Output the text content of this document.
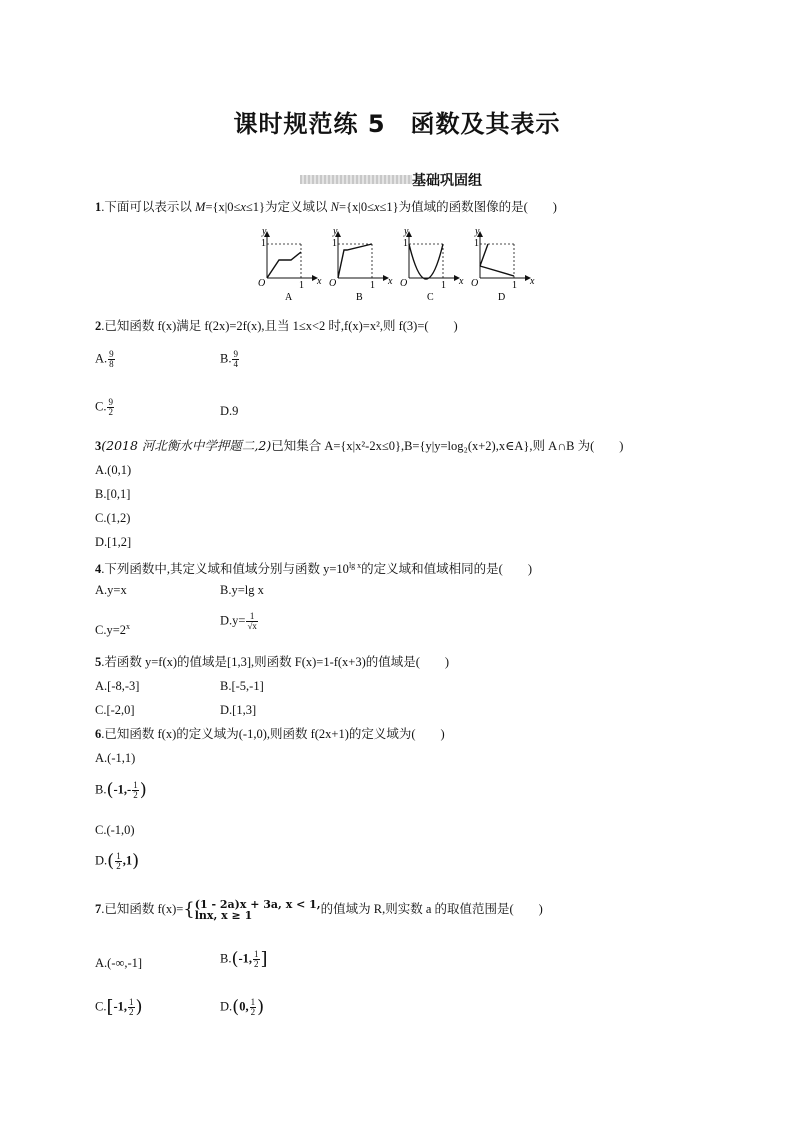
课时规范练 5　函数及其表示
基础巩固组
1.下面可以表示以 M={x|0≤x≤1}为定义域以 N={x|0≤x≤1}为值域的函数图像的是(　　)
1
1
O
y
x
A
1
1
O
y
x
B
1
1
O
y
x
C
1
1
O
y
x
D
2.已知函数 f(x)满足 f(2x)=2f(x),且当 1≤x<2 时,f(x)=x²,则 f(3)=(　　)
A. $\frac{9}{8}$	B. $\frac{9}{4}$
C. $\frac{9}{2}$	D.9
3(2018 河北衡水中学押题二,2)已知集合 A={x|x²-2x≤0},B={y|y=log₂(x+2),x∈A},则 A∩B 为(　　)
A.(0,1)
B.[0,1]
C.(1,2)
D.[1,2]
4.下列函数中,其定义域和值域分别与函数 $y=10^{lg x}$的定义域和值域相同的是(　　)
A.y=x	B.y=lg x
$C.y=2^x$	$D.y= \frac{1}{√x}$
5.若函数 y=f(x)的值域是[1,3],则函数 F(x)=1-f(x+3)的值域是(　　)
A.[-8,-3]	B.[-5,-1]
C.[-2,0]	D.[1,3]
6.已知函数 f(x)的定义域为(-1,0),则函数 f(2x+1)的定义域为(　　)
A.(-1,1)
$B.(-1,- \frac{1}{2}$ )
C.(-1,0)
$D.( \frac{1}{2} ,1)$
7.已知函数 f(x)={ (1 - 2a)x + 3a, x < 1,
lnx, x ≥ 1	的值域为 R,则实数 a 的取值范围是(　　)
A.(-∞,-1]	B.(-1, $\frac{1}{2}$ ]
C.[-1, $\frac{1}{2}$ )	D.(0, $\frac{1}{2}$ )
